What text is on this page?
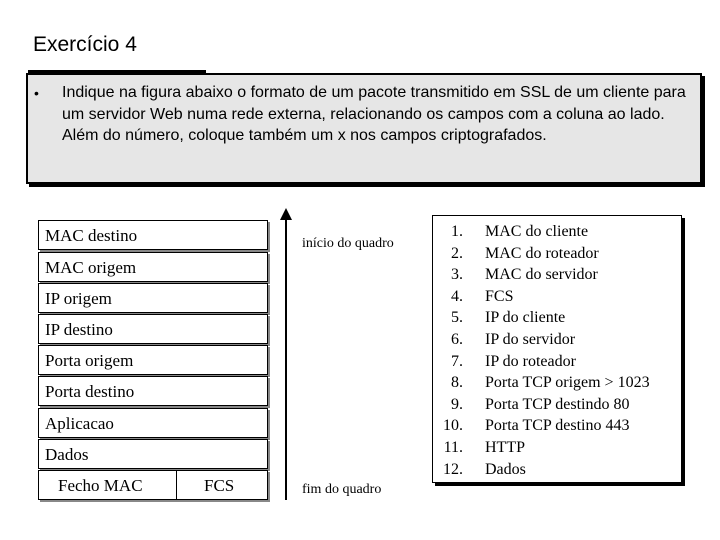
Exercício 4
• Indique na figura abaixo o formato de um pacote transmitido em SSL de um cliente para um servidor Web numa rede externa, relacionando os campos com a coluna ao lado. Além do número, coloque também um x nos campos criptografados.
MAC destino
MAC origem
IP origem
IP destino
Porta origem
Porta destino
Aplicacao
Dados
Fecho MAC	FCS
início do quadro
fim do quadro
1. MAC do cliente
2. MAC do roteador
3. MAC do servidor
4. FCS
5. IP do cliente
6. IP do servidor
7. IP do roteador
8. Porta TCP origem > 1023
9. Porta TCP destindo 80
10. Porta TCP destino 443
11. HTTP
12. Dados
